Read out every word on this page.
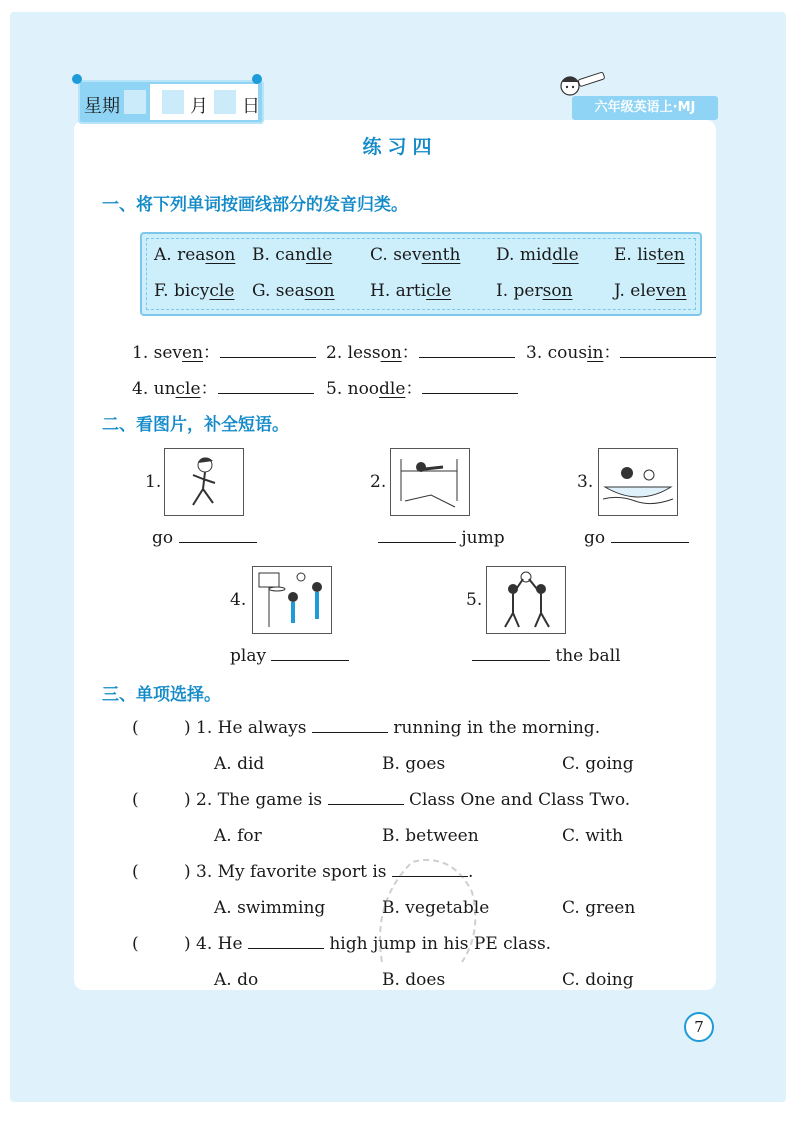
星期	月 日	六年级英语上·MJ
练习四
一、将下列单词按画线部分的发音归类。
A. reason B. candle C. seventh D. middle E. listen
F. bicycle G. season H. article	I. person J. eleven
1. seven：	2. lesson：	3. cousin：
4. uncle：	5. noodle：
二、看图片，补全短语。
1.	2.	3.
go	jump	go
4.	5.
play	the ball
三、单项选择。
(	) 1. He always	running in the morning.
A. did	B. goes	C. going
(	) 2. The game is	Class One and Class Two.
A. for	B. between	C. with
(	) 3. My favorite sport is	.
A. swimming	B. vegetable	C. green
(	) 4. He	high jump in his PE class.
A. do	B. does	C. doing
7
